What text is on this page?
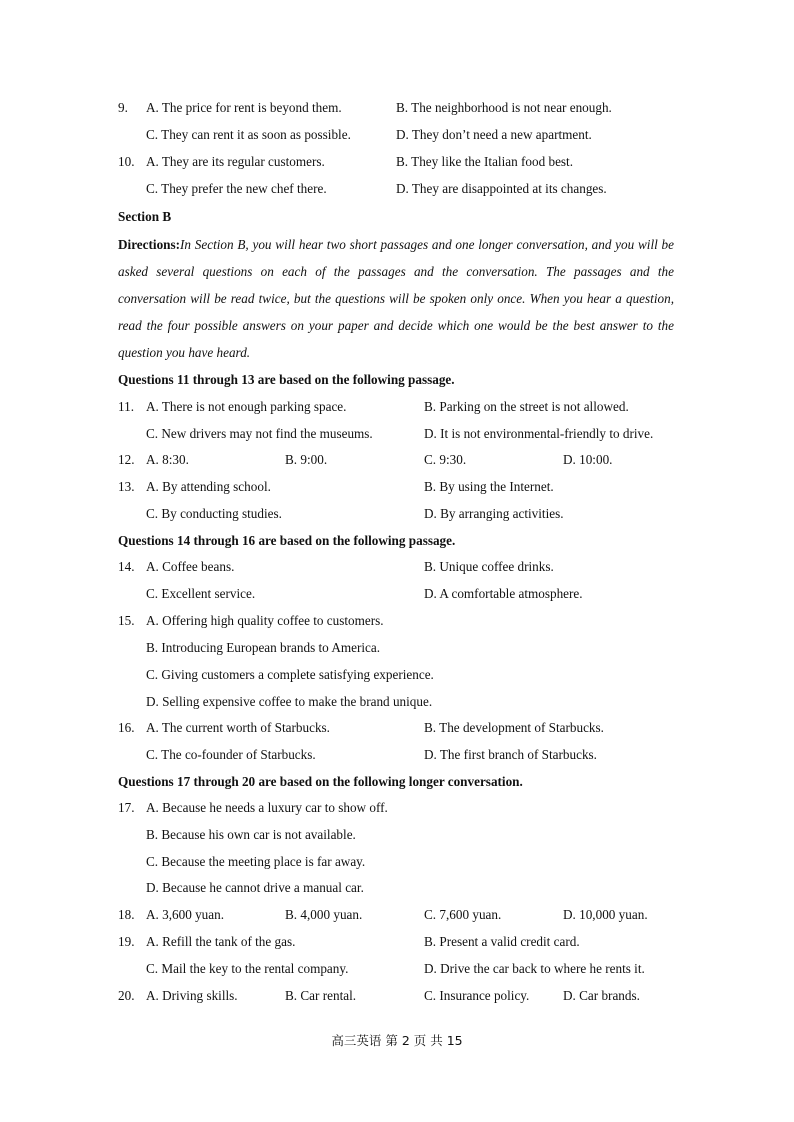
9. A. The price for rent is beyond them.	B. The neighborhood is not near enough.
C. They can rent it as soon as possible.	D. They don’t need a new apartment.
10. A. They are its regular customers.	B. They like the Italian food best.
C. They prefer the new chef there.	D. They are disappointed at its changes.
Section B
Directions:In Section B, you will hear two short passages and one longer conversation, and you will be asked several questions on each of the passages and the conversation. The passages and the conversation will be read twice, but the questions will be spoken only once. When you hear a question, read the four possible answers on your paper and decide which one would be the best answer to the question you have heard.
Questions 11 through 13 are based on the following passage.
11. A. There is not enough parking space.	B. Parking on the street is not allowed.
C. New drivers may not find the museums.	D. It is not environmental-friendly to drive.
12. A. 8:30.	B. 9:00.	C. 9:30.	D. 10:00.
13. A. By attending school.	B. By using the Internet.
C. By conducting studies.	D. By arranging activities.
Questions 14 through 16 are based on the following passage.
14. A. Coffee beans.	B. Unique coffee drinks.
C. Excellent service.	D. A comfortable atmosphere.
15. A. Offering high quality coffee to customers.
B. Introducing European brands to America.
C. Giving customers a complete satisfying experience.
D. Selling expensive coffee to make the brand unique.
16. A. The current worth of Starbucks.	B. The development of Starbucks.
C. The co-founder of Starbucks.	D. The first branch of Starbucks.
Questions 17 through 20 are based on the following longer conversation.
17. A. Because he needs a luxury car to show off.
B. Because his own car is not available.
C. Because the meeting place is far away.
D. Because he cannot drive a manual car.
18. A. 3,600 yuan.	B. 4,000 yuan.	C. 7,600 yuan.	D. 10,000 yuan.
19. A. Refill the tank of the gas.	B. Present a valid credit card.
C. Mail the key to the rental company.	D. Drive the car back to where he rents it.
20. A. Driving skills.	B. Car rental.	C. Insurance policy.	D. Car brands.
高三英语 第 2 页 共 15
